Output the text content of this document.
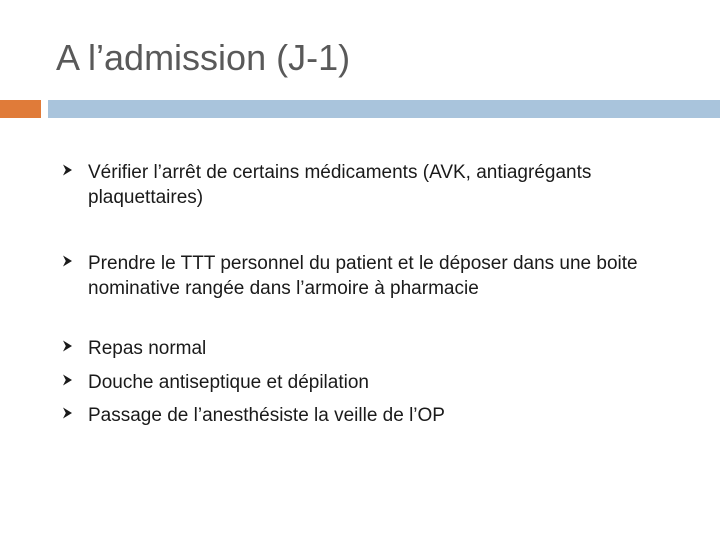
A l’admission (J-1)
Vérifier l’arrêt de certains médicaments (AVK, antiagrégants plaquettaires)
Prendre le TTT personnel du patient et le déposer dans une boite nominative rangée dans l’armoire à pharmacie
Repas normal
Douche antiseptique et dépilation
Passage de l’anesthésiste la veille de l’OP
